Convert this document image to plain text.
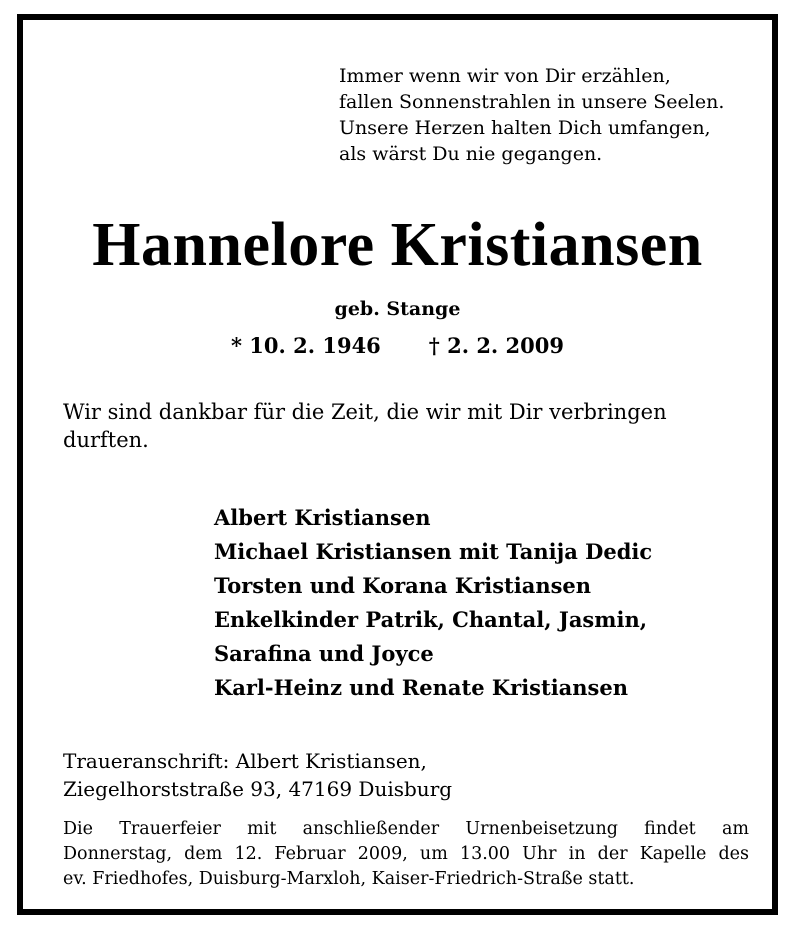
Immer wenn wir von Dir erzählen,
fallen Sonnenstrahlen in unsere Seelen.
Unsere Herzen halten Dich umfangen,
als wärst Du nie gegangen.
Hannelore Kristiansen
geb. Stange
* 10. 2. 1946 † 2. 2. 2009
Wir sind dankbar für die Zeit, die wir mit Dir verbringen
durften.
Albert Kristiansen
Michael Kristiansen mit Tanija Dedic
Torsten und Korana Kristiansen
Enkelkinder Patrik, Chantal, Jasmin,
Sarafina und Joyce
Karl-Heinz und Renate Kristiansen
Traueranschrift: Albert Kristiansen,
Ziegelhorststraße 93, 47169 Duisburg
Die Trauerfeier mit anschließender Urnenbeisetzung findet am
Donnerstag, dem 12. Februar 2009, um 13.00 Uhr in der Kapelle des
ev. Friedhofes, Duisburg-Marxloh, Kaiser-Friedrich-Straße statt.
